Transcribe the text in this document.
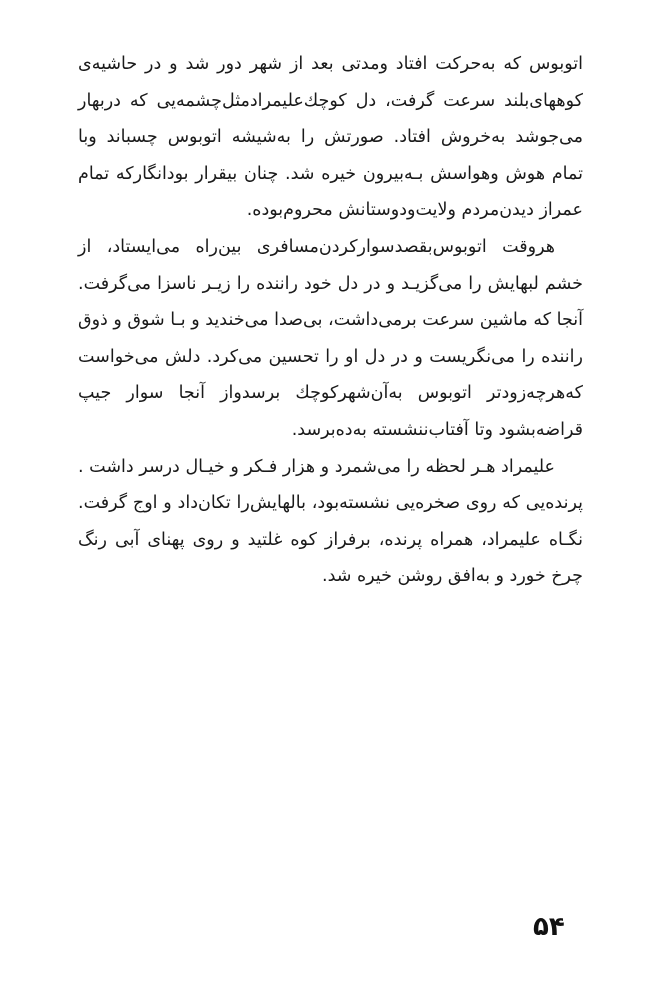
اتوبوس که به‌حرکت افتاد ومدتی بعد از شهر دور شد و در حاشیه‌ی کوههای‌بلند سرعت گرفت، دل کوچك‌علیمرادمثل‌چشمه‌یی که دربهار می‌جوشد به‌خروش افتاد. صورتش را به‌شیشه اتوبوس چسباند وبا تمام هوش وهواسش بـه‌بیرون خیره شد. چنان بیقرار بودانگارکه تمام عمراز دیدن‌مردم ولایت‌ودوستانش محروم‌بوده.

هروقت اتوبوس‌بقصدسوارکردن‌مسافری بین‌راه می‌ایستاد، از خشم لبهایش را می‌گزیـد و در دل خود راننده را زیـر ناسزا می‌گرفت. آنجا که ماشین سرعت برمی‌داشت، بی‌صدا می‌خندید و بـا شوق و ذوق راننده را می‌نگریست و در دل او را تحسین می‌کرد. دلش می‌خواست که‌هرچه‌زودتر اتوبوس به‌آن‌شهرکوچك برسدواز آنجا سوار جیپ قراضه‌بشود وتا آفتاب‌ننشسته به‌ده‌برسد.

علیمراد هـر لحظه را می‌شمرد و هزار فـکر و خیـال درسر داشت . پرنده‌یی که روی صخره‌یی نشسته‌بود، بالهایش‌را تکان‌داد و اوج گرفت. نگـاه علیمراد، همراه پرنده، برفراز کوه غلتید و روی پهنای آبی رنگ چرخ خورد و به‌افق روشن خیره شد.

۵۴
